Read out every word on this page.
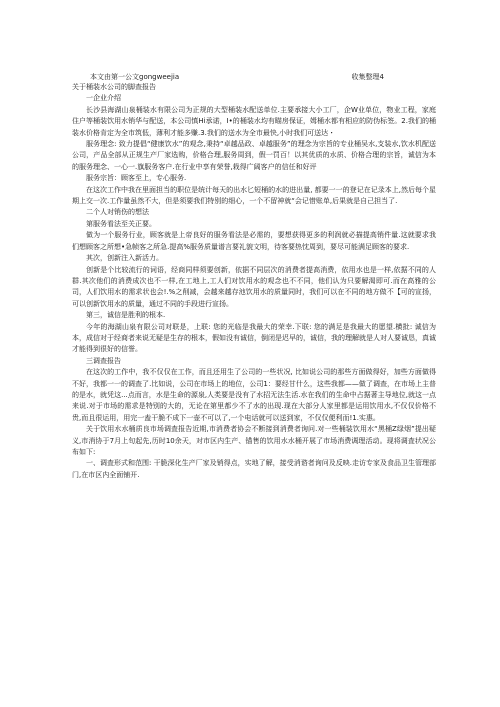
本文由第一公文gongweejia	收集整理4

关于桶装水公司的脚查报告

一企业介绍

长沙县海湖山泉桶装水有限公司为正规的大型桶装水配送单位.主要承接大小工厂，企W业单位，物业工程，家庭住户等桶装饮用水销华与配送，本公司慎Hi承诺，I•的桶装水均有瞄房保证，姆桶水都有相应的防伪标签。2.我们的桶装水价格肯定为全市筑低，薄利才能多赚.3.我们的送水为全市最快,小时我们可送达・

服务理念: 致力提倡“健康饮水”的观念,秉持“卓越品政、卓越服务”的理念为宗旨的专业桶吴水,支装水,饮水机配送公司，产品全部从正规生产厂家选购，价格合理,服务周到，假一罚百！以其优质的水质、价格合理的宗旨，诚信为本的服务理念、一心一.旗服务客户.在行业中享有荣誉,栽得广阔客户的信任和好评

服务宗旨：顾客至上，专心服务.

在这次工作中我在里面担当的职位是统计每天的出水匕短桶的水的进出量, 都要一一的登记在记录本上,然后每个星期上交一次.工作量虽然不大，但是须要我们特别的细心，一个不留神就“会记惜账单,后果就是自己担当了.

二个人对销伤的想法

第服务看法至关正要。

做为一个服务行业，顾客就是上帝良好的服务看法是必需的，要想获得更多的利润就必描提高销件量.这就要求我们想顾客之所想•急帧客之所急.提高%服务质量谱言要礼貌文明，待客要热忱周到，要尽可能满足顾客的要求.

其次，创新注入新活力。

创新是个比较流行的词语，经商同样须要创新，依据不同层次的消费者提高消费，依用水也是一样,依据不同的人群.其次他们的消费成次也不一样,在工地上,工人们对饮用水的观念也不不同，他们认为只要解渴即可.而在高雅的公司，人们饮用水的需求状也会!.%之削减，会越来越存池饮用水的质量同时，我们可以在不同的地方做不【可的宣扬，可以创新饮用水的质量，通过不同的手段进行宣扬。

第三，诚信是胜利的根本.

今年的海湖山泉有限公司对联是，上联: 您的光临是我最大的荣幸.下联: 您的满足是我最大的愿望.横批: 诚信为本，成信对于经商者来说无疑是生存的根本，假如没有诚信，倒闭是迟早的，诚信，我的理解就是人对人要诚恳，真诚才能得到很好的信誉。

三调查报告

在这次的工作中，我不仅仅在工作，而且还用生了公司的一些状况, 比如说公司的那些方面做得好，加些方面做得不好，我都一一的调查了.比如说，公司在市场上的地位，公司1：要经甘什么，这些我都——做了调查，在市场上主普的是水，就凭这...点而言，水是生命的源泉,人类要是没有了水招无法生活.水在我们的生命中占据著主导地位,就这一点来说.对于市场的需求是特别的大的，无论在第里都少不了水的出现.现在大部分人家里都是运用饮用水,不仅仅价格不贵,而且很运用，用完一盍干脆不成下一壶不可以了,一个电话就可以送到家，不仅仅便利而!1.实惠。

关于饮用水水桶质良市场调査报告近期,市消费者协会不断接到消费者询问.对一些桶装饮用水“黑桶Z绿烟”提出疑义,市消协于7月上旬起先,历时10余天，对市区内生产、锚售的饮用水水桶开展了市场消费调理活动。现将调査状况公布如下:

一、调査形式和范围: 干脆深化生产厂家及销得点，实地了解，接受消谘者询问及反映.走访专家及食品卫生管理部门,在市区内全面铺开.
